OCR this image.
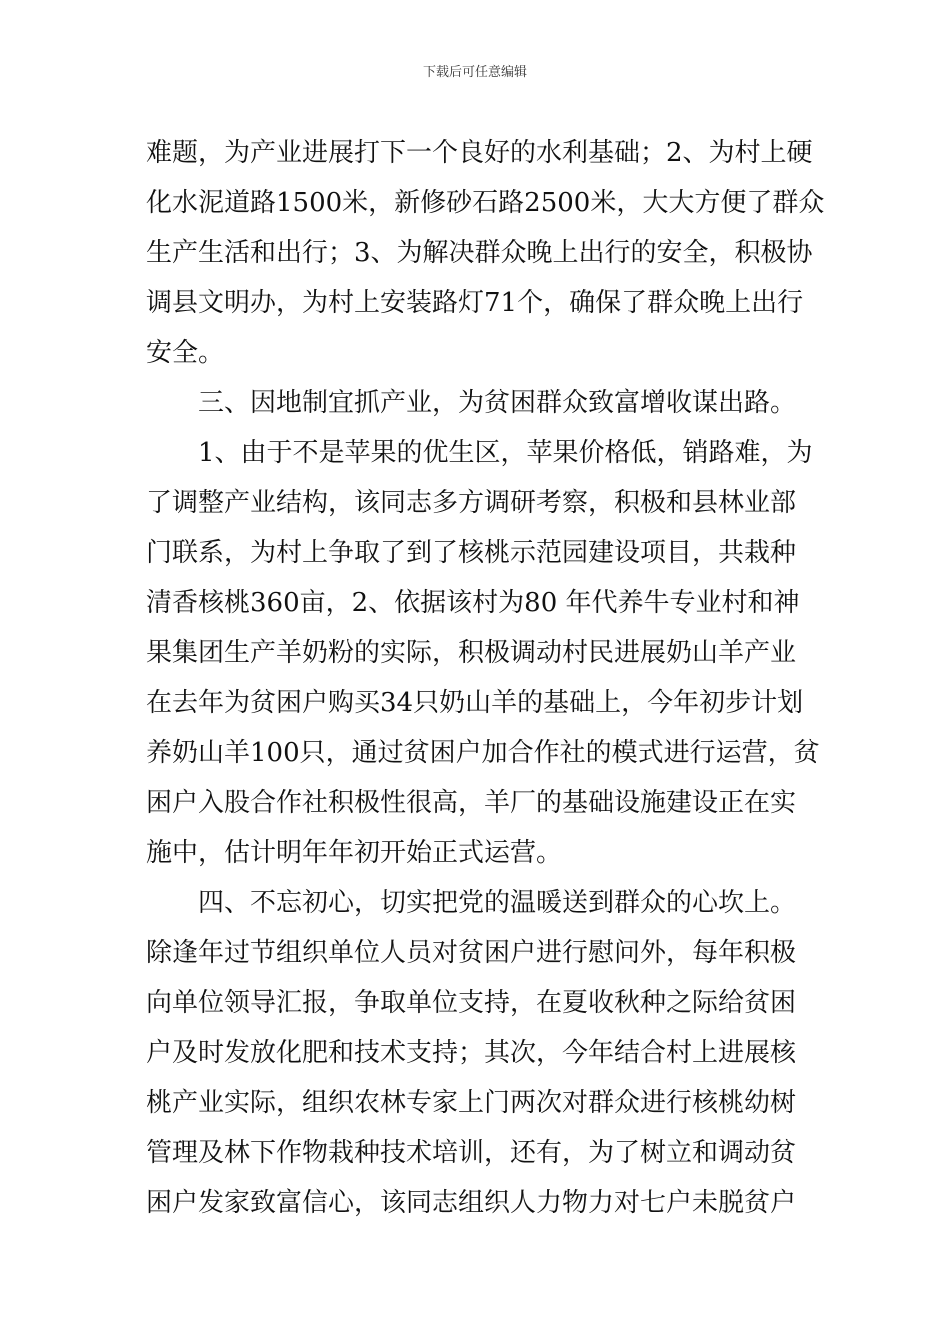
下载后可任意编辑
难题，为产业进展打下一个良好的水利基础；2、为村上硬
化水泥道路1500米，新修砂石路2500米，大大方便了群众
生产生活和出行；3、为解决群众晚上出行的安全，积极协
调县文明办，为村上安装路灯71个，确保了群众晚上出行
安全。
三、因地制宜抓产业，为贫困群众致富增收谋出路。
1、由于不是苹果的优生区，苹果价格低，销路难，为
了调整产业结构，该同志多方调研考察，积极和县林业部
门联系，为村上争取了到了核桃示范园建设项目，共栽种
清香核桃360亩，2、依据该村为80 年代养牛专业村和神
果集团生产羊奶粉的实际，积极调动村民进展奶山羊产业
在去年为贫困户购买34只奶山羊的基础上，今年初步计划
养奶山羊100只，通过贫困户加合作社的模式进行运营，贫
困户入股合作社积极性很高，羊厂的基础设施建设正在实
施中，估计明年年初开始正式运营。
四、不忘初心，切实把党的温暖送到群众的心坎上。
除逢年过节组织单位人员对贫困户进行慰问外，每年积极
向单位领导汇报，争取单位支持，在夏收秋种之际给贫困
户及时发放化肥和技术支持；其次，今年结合村上进展核
桃产业实际，组织农林专家上门两次对群众进行核桃幼树
管理及林下作物栽种技术培训，还有，为了树立和调动贫
困户发家致富信心，该同志组织人力物力对七户未脱贫户
